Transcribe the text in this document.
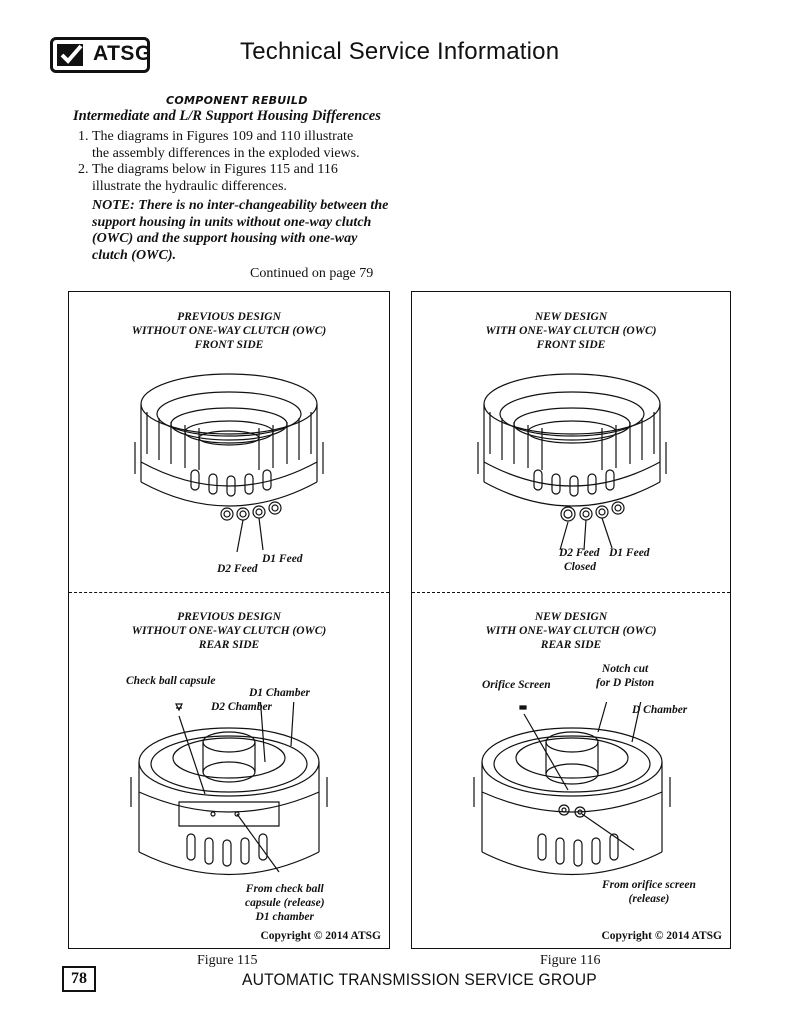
ATSG	Technical Service Information
COMPONENT REBUILD
Intermediate and L/R Support Housing Differences
1. The diagrams in Figures 109 and 110 illustrate
the assembly differences in the exploded views.
2. The diagrams below in Figures 115 and 116
illustrate the hydraulic differences.
NOTE: There is no inter-changeability between the support housing in units without one-way clutch (OWC) and the support housing with one-way clutch (OWC).
Continued on page 79
PREVIOUS DESIGN
WITHOUT ONE-WAY CLUTCH (OWC)
FRONT SIDE
D1 Feed
D2 Feed
PREVIOUS DESIGN
WITHOUT ONE-WAY CLUTCH (OWC)
REAR SIDE
Check ball capsule
D1 Chamber
D2 Chamber
From check ball
capsule (release)
D1 chamber
Copyright © 2014 ATSG
NEW DESIGN
WITH ONE-WAY CLUTCH (OWC)
FRONT SIDE
D2 Feed D1 Feed
Closed
NEW DESIGN
WITH ONE-WAY CLUTCH (OWC)
REAR SIDE
Notch cut
for D Piston
Orifice Screen
D Chamber
From orifice screen
(release)
Copyright © 2014 ATSG
Figure 115	Figure 116
78	AUTOMATIC TRANSMISSION SERVICE GROUP
